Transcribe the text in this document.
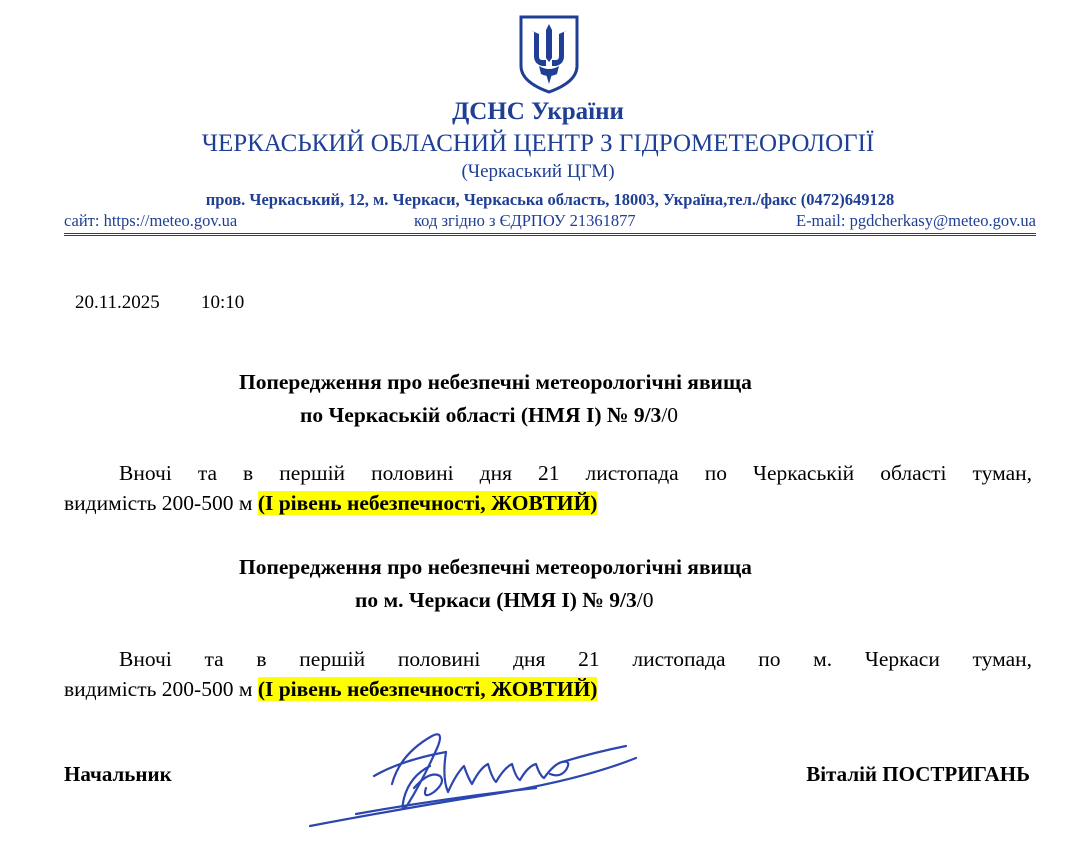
ДСНС України
ЧЕРКАСЬКИЙ ОБЛАСНИЙ ЦЕНТР З ГІДРОМЕТЕОРОЛОГІЇ
(Черкаський ЦГМ)
пров. Черкаський, 12, м. Черкаси, Черкаська область, 18003, Україна,тел./факс (0472)649128
сайт: https://meteo.gov.ua	код згідно з ЄДРПОУ 21361877	E-mail: pgdcherkasy@meteo.gov.ua
20.11.2025 10:10
Попередження про небезпечні метеорологічні явища
по Черкаській області (НМЯ І) № 9/3/0
Вночі та в першій половині дня 21 листопада по Черкаській області туман,
видимість 200-500 м (I рівень небезпечності, ЖОВТИЙ)
Попередження про небезпечні метеорологічні явища
по м. Черкаси (НМЯ І) № 9/3/0
Вночі та в першій половині дня 21 листопада по м. Черкаси туман,
видимість 200-500 м (I рівень небезпечності, ЖОВТИЙ)
Начальник	Віталій ПОСТРИГАНЬ
